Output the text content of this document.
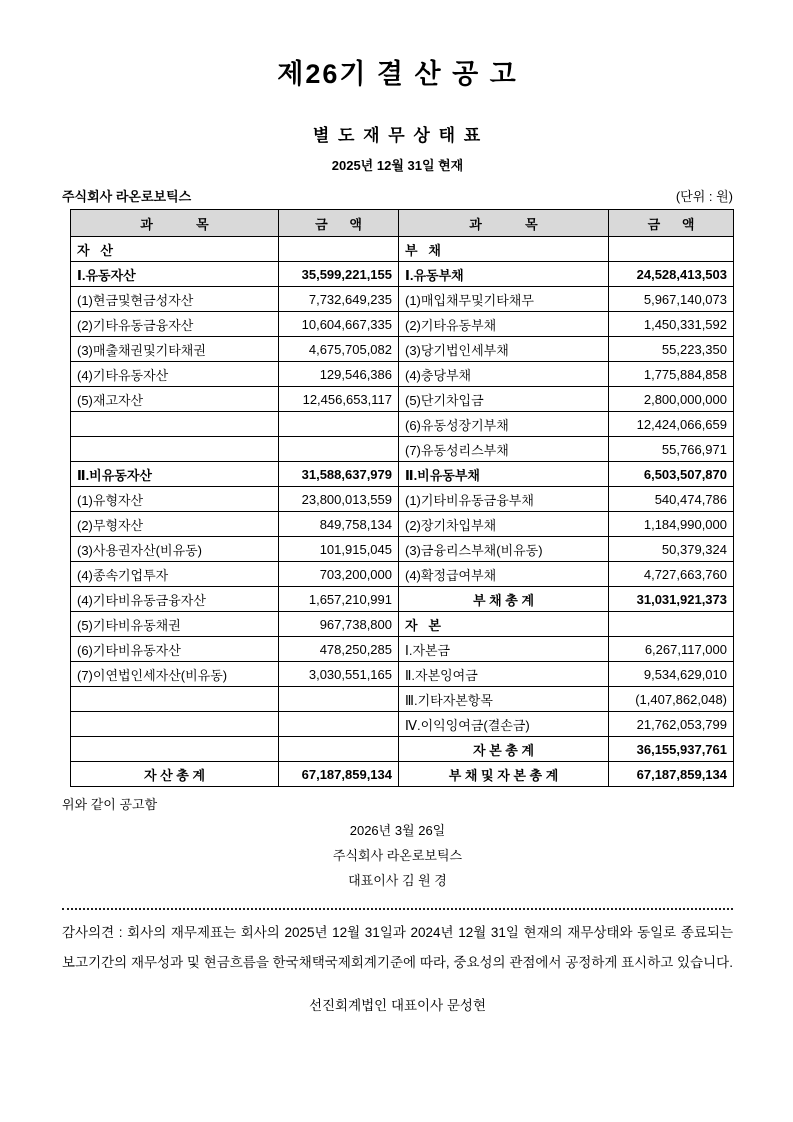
제26기 결 산 공 고
별 도 재 무 상 태 표
2025년 12월 31일 현재
주식회사 라온로보틱스	(단위 : 원)
과            목	금      액	과            목	금      액
자   산		부   채	
Ⅰ.유동자산	35,599,221,155	Ⅰ.유동부채	24,528,413,503
(1)현금및현금성자산	7,732,649,235	(1)매입채무및기타채무	5,967,140,073
(2)기타유동금융자산	10,604,667,335	(2)기타유동부채	1,450,331,592
(3)매출채권및기타채권	4,675,705,082	(3)당기법인세부채	55,223,350
(4)기타유동자산	129,546,386	(4)충당부채	1,775,884,858
(5)재고자산	12,456,653,117	(5)단기차입금	2,800,000,000
		(6)유동성장기부채	12,424,066,659
		(7)유동성리스부채	55,766,971
Ⅱ.비유동자산	31,588,637,979	Ⅱ.비유동부채	6,503,507,870
(1)유형자산	23,800,013,559	(1)기타비유동금융부채	540,474,786
(2)무형자산	849,758,134	(2)장기차입부채	1,184,990,000
(3)사용권자산(비유동)	101,915,045	(3)금융리스부채(비유동)	50,379,324
(4)종속기업투자	703,200,000	(4)확정급여부채	4,727,663,760
(4)기타비유동금융자산	1,657,210,991	부 채 총 계	31,031,921,373
(5)기타비유동채권	967,738,800	자   본	
(6)기타비유동자산	478,250,285	Ⅰ.자본금	6,267,117,000
(7)이연법인세자산(비유동)	3,030,551,165	Ⅱ.자본잉여금	9,534,629,010
		Ⅲ.기타자본항목	(1,407,862,048)
		Ⅳ.이익잉여금(결손금)	21,762,053,799
		자 본 총 계	36,155,937,761
자 산 총 계	67,187,859,134	부 채 및 자 본 총 계	67,187,859,134
위와 같이 공고함
2026년 3월 26일
주식회사 라온로보틱스
대표이사 김 원 경
감사의견 : 회사의 재무제표는 회사의 2025년 12월 31일과 2024년 12월 31일 현재의 재무상태와 동일로 종료되는 보고기간의 재무성과 및 현금흐름을 한국채택국제회계기준에 따라, 중요성의 관점에서 공정하게 표시하고 있습니다.
선진회계법인 대표이사 문성현
